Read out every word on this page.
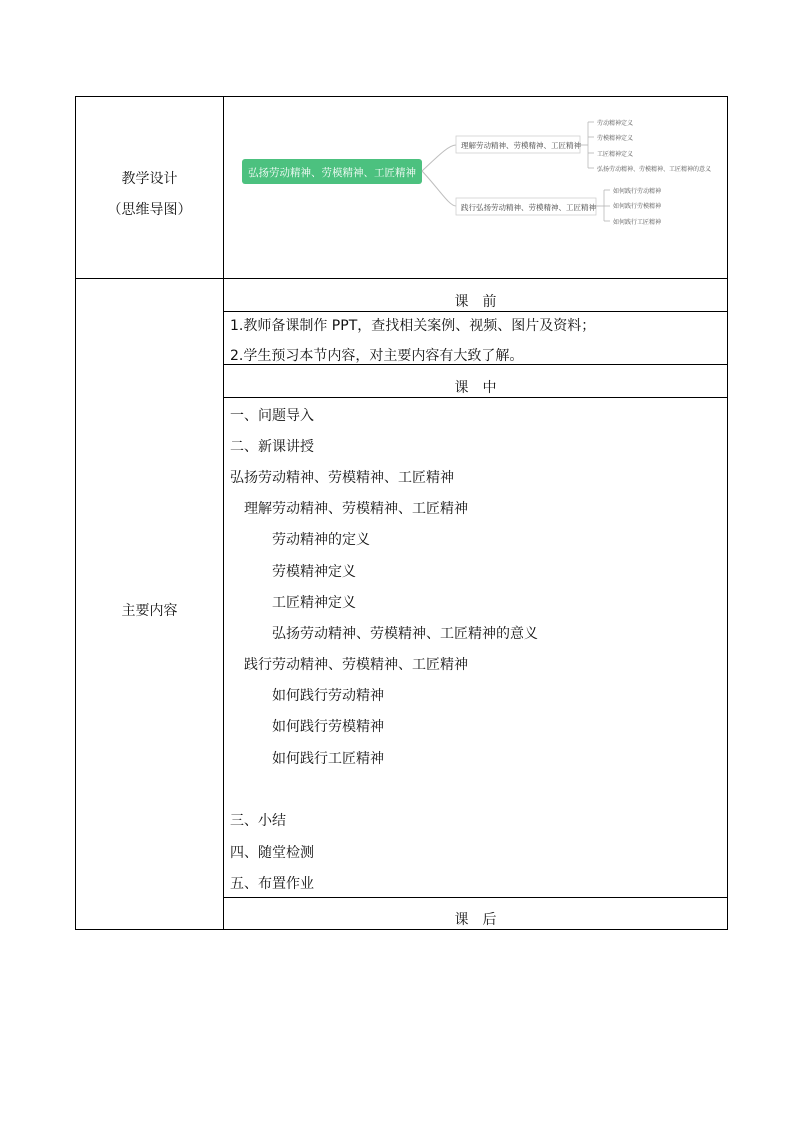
教学设计
（思维导图）
主要内容
弘扬劳动精神、劳模精神、工匠精神
理解劳动精神、劳模精神、工匠精神
践行弘扬劳动精神、劳模精神、工匠精神
劳动精神定义
劳模精神定义
工匠精神定义
弘扬劳动精神、劳模精神、工匠精神的意义
如何践行劳动精神
如何践行劳模精神
如何践行工匠精神
课　前
1.教师备课制作 PPT，查找相关案例、视频、图片及资料；
2.学生预习本节内容，对主要内容有大致了解。
课　中
一、问题导入
二、新课讲授
弘扬劳动精神、劳模精神、工匠精神
理解劳动精神、劳模精神、工匠精神
劳动精神的定义
劳模精神定义
工匠精神定义
弘扬劳动精神、劳模精神、工匠精神的意义
践行劳动精神、劳模精神、工匠精神
如何践行劳动精神
如何践行劳模精神
如何践行工匠精神
三、小结
四、随堂检测
五、布置作业
课　后
